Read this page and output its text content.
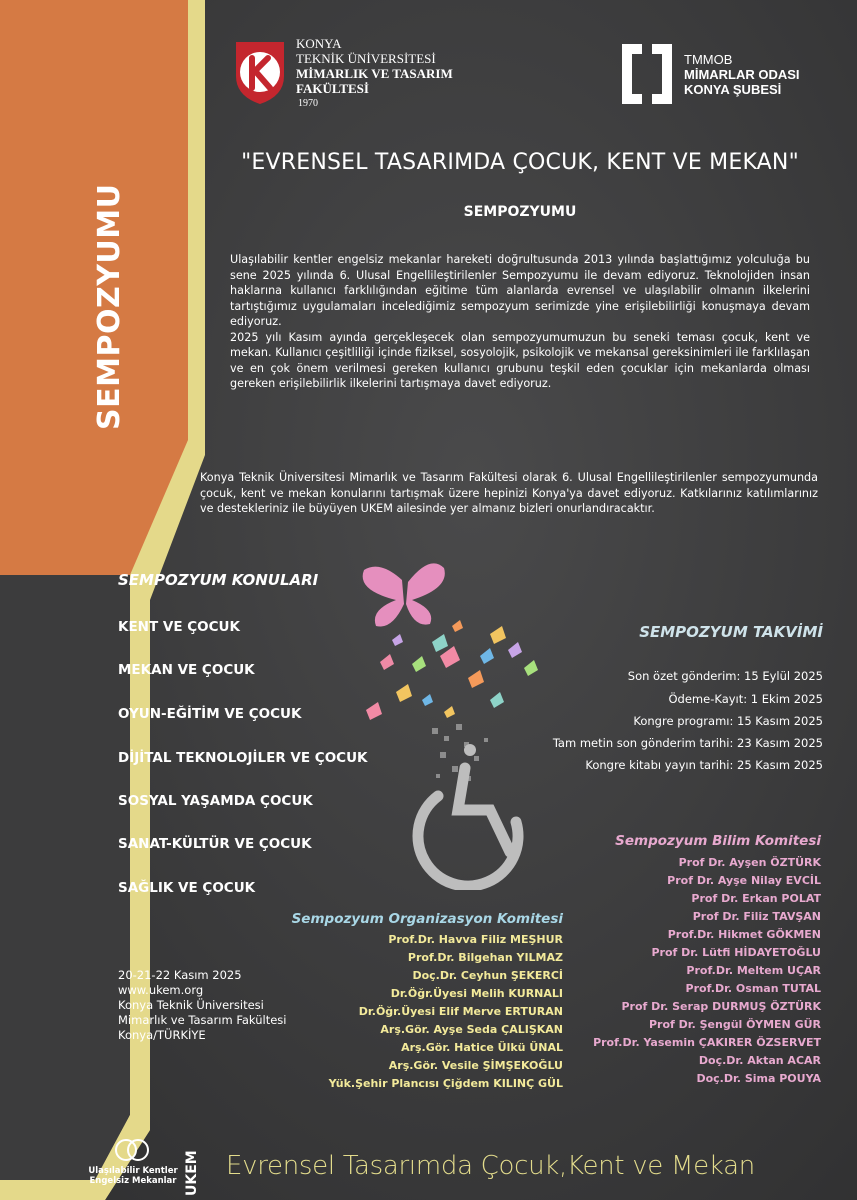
SEMPOZYUMU
KONYA
TEKNİK ÜNİVERSİTESİ
MİMARLIK VE TASARIM
FAKÜLTESİ
1970
TMMOB
MİMARLAR ODASI
KONYA ŞUBESİ
"EVRENSEL TASARIMDA ÇOCUK, KENT VE MEKAN"
SEMPOZYUMU

Ulaşılabilir kentler engelsiz mekanlar hareketi doğrultusunda 2013 yılında başlattığımız yolculuğa bu sene 2025 yılında 6. Ulusal Engellileştirilenler Sempozyumu ile devam ediyoruz. Teknolojiden insan haklarına kullanıcı farklılığından eğitime tüm alanlarda evrensel ve ulaşılabilir olmanın ilkelerini tartıştığımız uygulamaları incelediğimiz sempozyum serimizde yine erişilebilirliği konuşmaya devam ediyoruz.

2025 yılı Kasım ayında gerçekleşecek olan sempozyumumuzun bu seneki teması çocuk, kent ve mekan. Kullanıcı çeşitliliği içinde fiziksel, sosyolojik, psikolojik ve mekansal gereksinimleri ile farklılaşan ve en çok önem verilmesi gereken kullanıcı grubunu teşkil eden çocuklar için mekanlarda olması gereken erişilebilirlik ilkelerini tartışmaya davet ediyoruz.

Konya Teknik Üniversitesi Mimarlık ve Tasarım Fakültesi olarak 6. Ulusal Engellileştirilenler sempozyumunda çocuk, kent ve mekan konularını tartışmak üzere hepinizi Konya'ya davet ediyoruz. Katkılarınız katılımlarınız ve destekleriniz ile büyüyen UKEM ailesinde yer almanız bizleri onurlandıracaktır.

SEMPOZYUM KONULARI
KENT VE ÇOCUK
MEKAN VE ÇOCUK
OYUN-EĞİTİM VE ÇOCUK
DİJİTAL TEKNOLOJİLER VE ÇOCUK
SOSYAL YAŞAMDA ÇOCUK
SANAT-KÜLTÜR VE ÇOCUK
SAĞLIK VE ÇOCUK
SEMPOZYUM TAKVİMİ
Son özet gönderim: 15 Eylül 2025
Ödeme-Kayıt: 1 Ekim 2025
Kongre programı: 15 Kasım 2025
Tam metin son gönderim tarihi: 23 Kasım 2025
Kongre kitabı yayın tarihi: 25 Kasım 2025
Sempozyum Bilim Komitesi
Prof Dr. Ayşen ÖZTÜRK
Prof Dr. Ayşe Nilay EVCİL
Prof Dr. Erkan POLAT
Prof Dr. Filiz TAVŞAN
Prof.Dr. Hikmet GÖKMEN
Prof Dr. Lütfi HİDAYETOĞLU
Prof.Dr. Meltem UÇAR
Prof.Dr. Osman TUTAL
Prof Dr. Serap DURMUŞ ÖZTÜRK
Prof Dr. Şengül ÖYMEN GÜR
Prof.Dr. Yasemin ÇAKIRER ÖZSERVET
Doç.Dr. Aktan ACAR
Doç.Dr. Sima POUYA
Sempozyum Organizasyon Komitesi
Prof.Dr. Havva Filiz MEŞHUR
Prof.Dr. Bilgehan YILMAZ
Doç.Dr. Ceyhun ŞEKERCİ
Dr.Öğr.Üyesi Melih KURNALI
Dr.Öğr.Üyesi Elif Merve ERTURAN
Arş.Gör. Ayşe Seda ÇALIŞKAN
Arş.Gör. Hatice Ülkü ÜNAL
Arş.Gör. Vesile ŞİMŞEKOĞLU
Yük.Şehir Plancısı Çiğdem KILINÇ GÜL
20-21-22 Kasım 2025
www.ukem.org
Konya Teknik Üniversitesi
Mimarlık ve Tasarım Fakültesi
Konya/TÜRKİYE
Ulaşılabilir Kentler
Engelsiz Mekanlar UKEM Evrensel Tasarımda Çocuk,Kent ve Mekan
